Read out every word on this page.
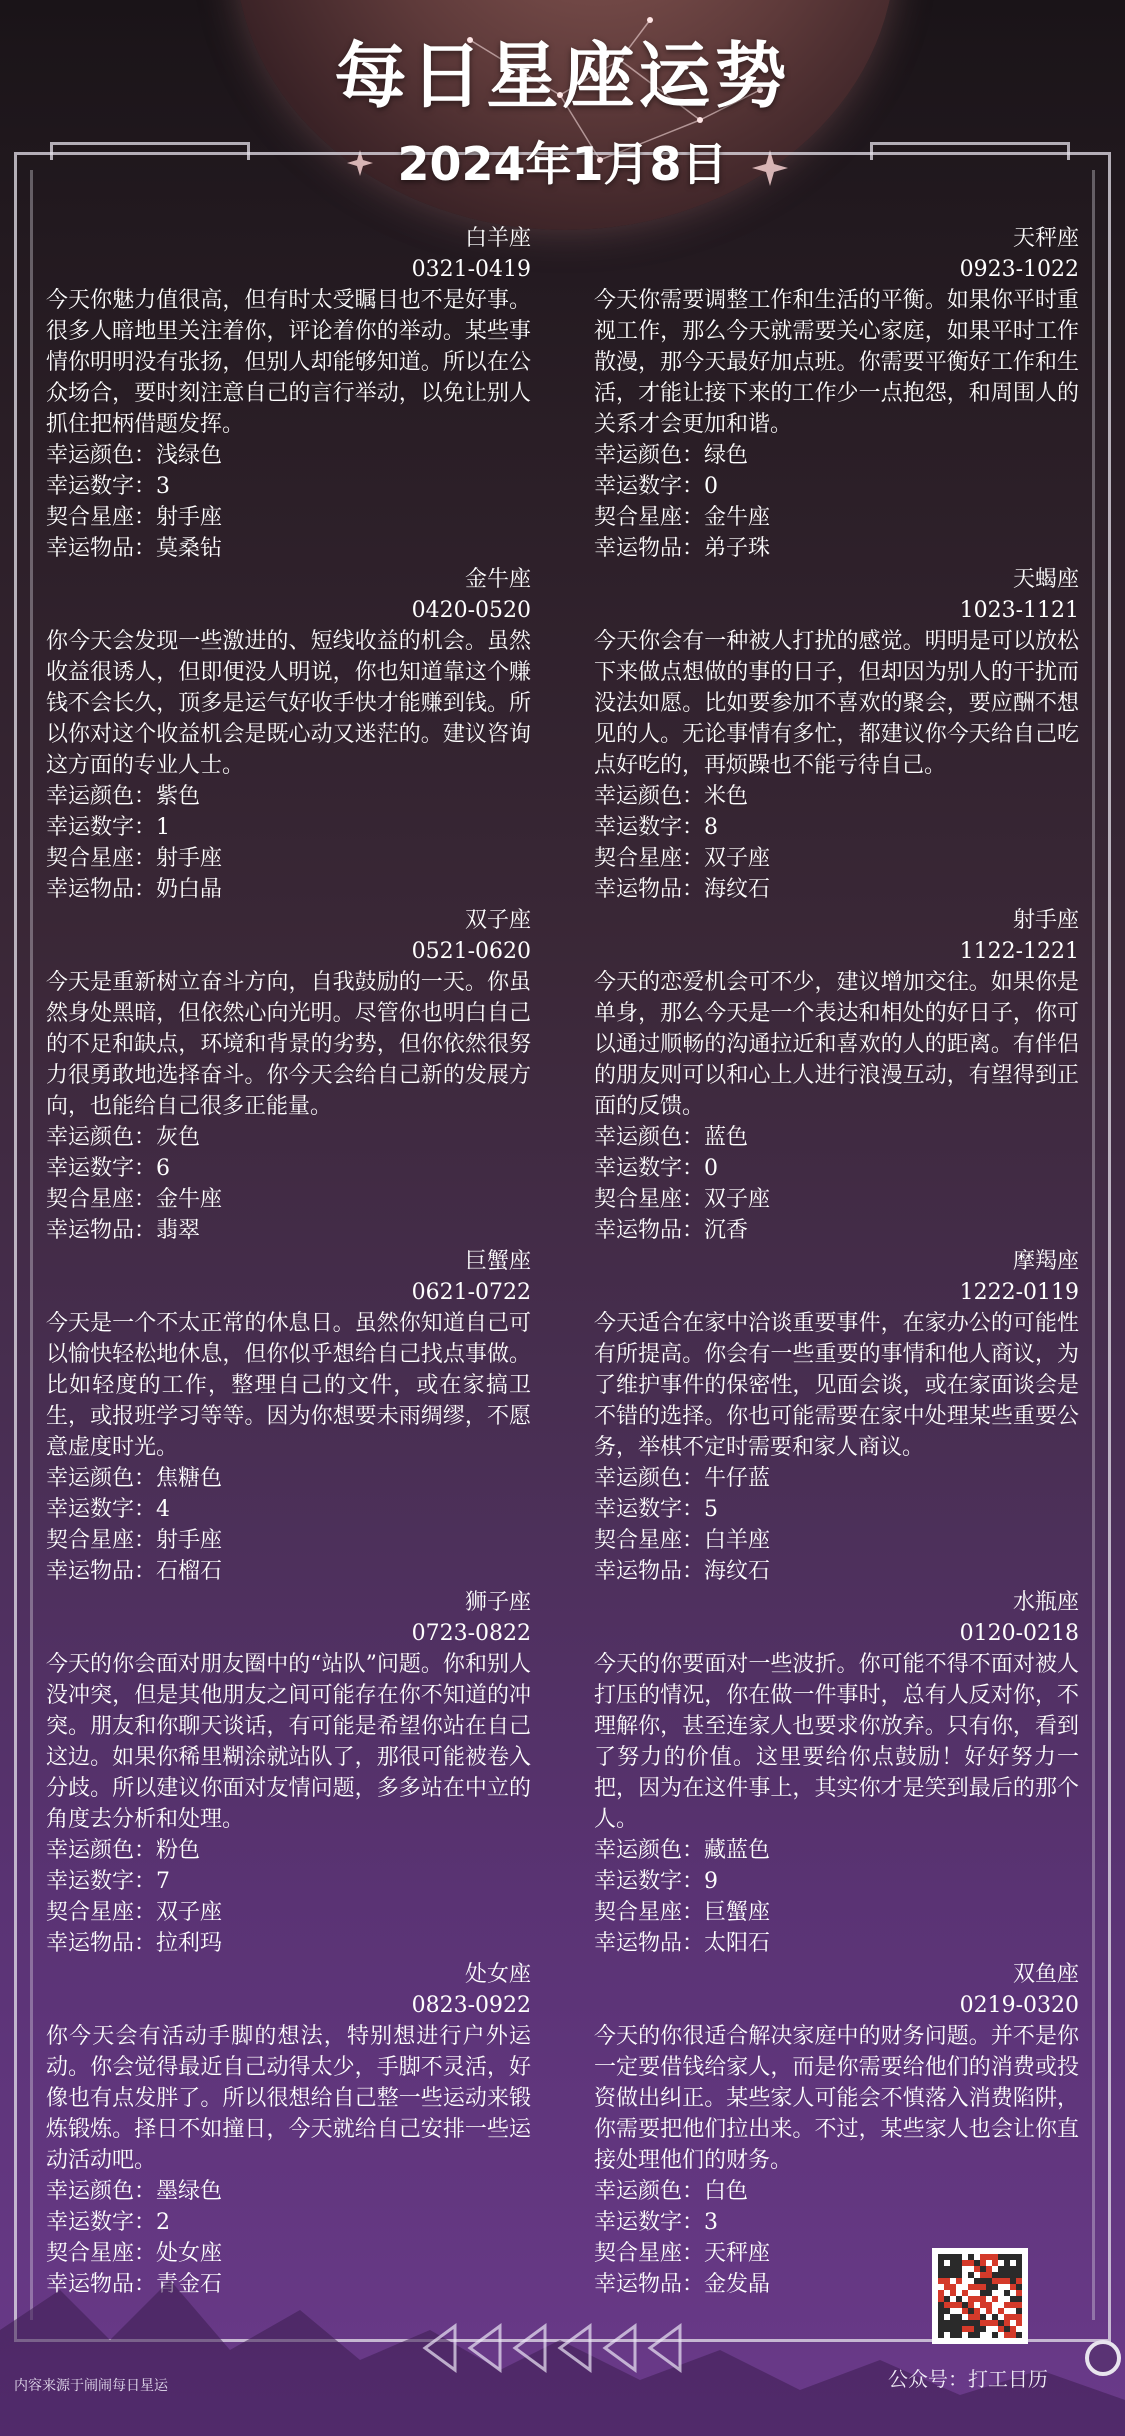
每日星座运势
2024年1月8日
白羊座
0321-0419
今天你魅力值很高，但有时太受瞩目也不是好事。很多人暗地里关注着你，评论着你的举动。某些事情你明明没有张扬，但别人却能够知道。所以在公众场合，要时刻注意自己的言行举动，以免让别人抓住把柄借题发挥。
幸运颜色：浅绿色
幸运数字：3
契合星座：射手座
幸运物品：莫桑钻
金牛座
0420-0520
你今天会发现一些激进的、短线收益的机会。虽然收益很诱人，但即便没人明说，你也知道靠这个赚钱不会长久，顶多是运气好收手快才能赚到钱。所以你对这个收益机会是既心动又迷茫的。建议咨询这方面的专业人士。
幸运颜色：紫色
幸运数字：1
契合星座：射手座
幸运物品：奶白晶
双子座
0521-0620
今天是重新树立奋斗方向，自我鼓励的一天。你虽然身处黑暗，但依然心向光明。尽管你也明白自己的不足和缺点，环境和背景的劣势，但你依然很努力很勇敢地选择奋斗。你今天会给自己新的发展方向，也能给自己很多正能量。
幸运颜色：灰色
幸运数字：6
契合星座：金牛座
幸运物品：翡翠
巨蟹座
0621-0722
今天是一个不太正常的休息日。虽然你知道自己可以愉快轻松地休息，但你似乎想给自己找点事做。比如轻度的工作，整理自己的文件，或在家搞卫生，或报班学习等等。因为你想要未雨绸缪，不愿意虚度时光。
幸运颜色：焦糖色
幸运数字：4
契合星座：射手座
幸运物品：石榴石
狮子座
0723-0822
今天的你会面对朋友圈中的“站队”问题。你和别人没冲突，但是其他朋友之间可能存在你不知道的冲突。朋友和你聊天谈话，有可能是希望你站在自己这边。如果你稀里糊涂就站队了，那很可能被卷入分歧。所以建议你面对友情问题，多多站在中立的角度去分析和处理。
幸运颜色：粉色
幸运数字：7
契合星座：双子座
幸运物品：拉利玛
处女座
0823-0922
你今天会有活动手脚的想法，特别想进行户外运动。你会觉得最近自己动得太少，手脚不灵活，好像也有点发胖了。所以很想给自己整一些运动来锻炼锻炼。择日不如撞日，今天就给自己安排一些运动活动吧。
幸运颜色：墨绿色
幸运数字：2
契合星座：处女座
幸运物品：青金石
天秤座
0923-1022
今天你需要调整工作和生活的平衡。如果你平时重视工作，那么今天就需要关心家庭，如果平时工作散漫，那今天最好加点班。你需要平衡好工作和生活，才能让接下来的工作少一点抱怨，和周围人的关系才会更加和谐。
幸运颜色：绿色
幸运数字：0
契合星座：金牛座
幸运物品：弟子珠
天蝎座
1023-1121
今天你会有一种被人打扰的感觉。明明是可以放松下来做点想做的事的日子，但却因为别人的干扰而没法如愿。比如要参加不喜欢的聚会，要应酬不想见的人。无论事情有多忙，都建议你今天给自己吃点好吃的，再烦躁也不能亏待自己。
幸运颜色：米色
幸运数字：8
契合星座：双子座
幸运物品：海纹石
射手座
1122-1221
今天的恋爱机会可不少，建议增加交往。如果你是单身，那么今天是一个表达和相处的好日子，你可以通过顺畅的沟通拉近和喜欢的人的距离。有伴侣的朋友则可以和心上人进行浪漫互动，有望得到正面的反馈。
幸运颜色：蓝色
幸运数字：0
契合星座：双子座
幸运物品：沉香
摩羯座
1222-0119
今天适合在家中洽谈重要事件，在家办公的可能性有所提高。你会有一些重要的事情和他人商议，为了维护事件的保密性，见面会谈，或在家面谈会是不错的选择。你也可能需要在家中处理某些重要公务，举棋不定时需要和家人商议。
幸运颜色：牛仔蓝
幸运数字：5
契合星座：白羊座
幸运物品：海纹石
水瓶座
0120-0218
今天的你要面对一些波折。你可能不得不面对被人打压的情况，你在做一件事时，总有人反对你，不理解你，甚至连家人也要求你放弃。只有你，看到了努力的价值。这里要给你点鼓励！好好努力一把，因为在这件事上，其实你才是笑到最后的那个人。
幸运颜色：藏蓝色
幸运数字：9
契合星座：巨蟹座
幸运物品：太阳石
双鱼座
0219-0320
今天的你很适合解决家庭中的财务问题。并不是你一定要借钱给家人，而是你需要给他们的消费或投资做出纠正。某些家人可能会不慎落入消费陷阱，你需要把他们拉出来。不过，某些家人也会让你直接处理他们的财务。
幸运颜色：白色
幸运数字：3
契合星座：天秤座
幸运物品：金发晶
内容来源于闹闹每日星运	公众号：打工日历
